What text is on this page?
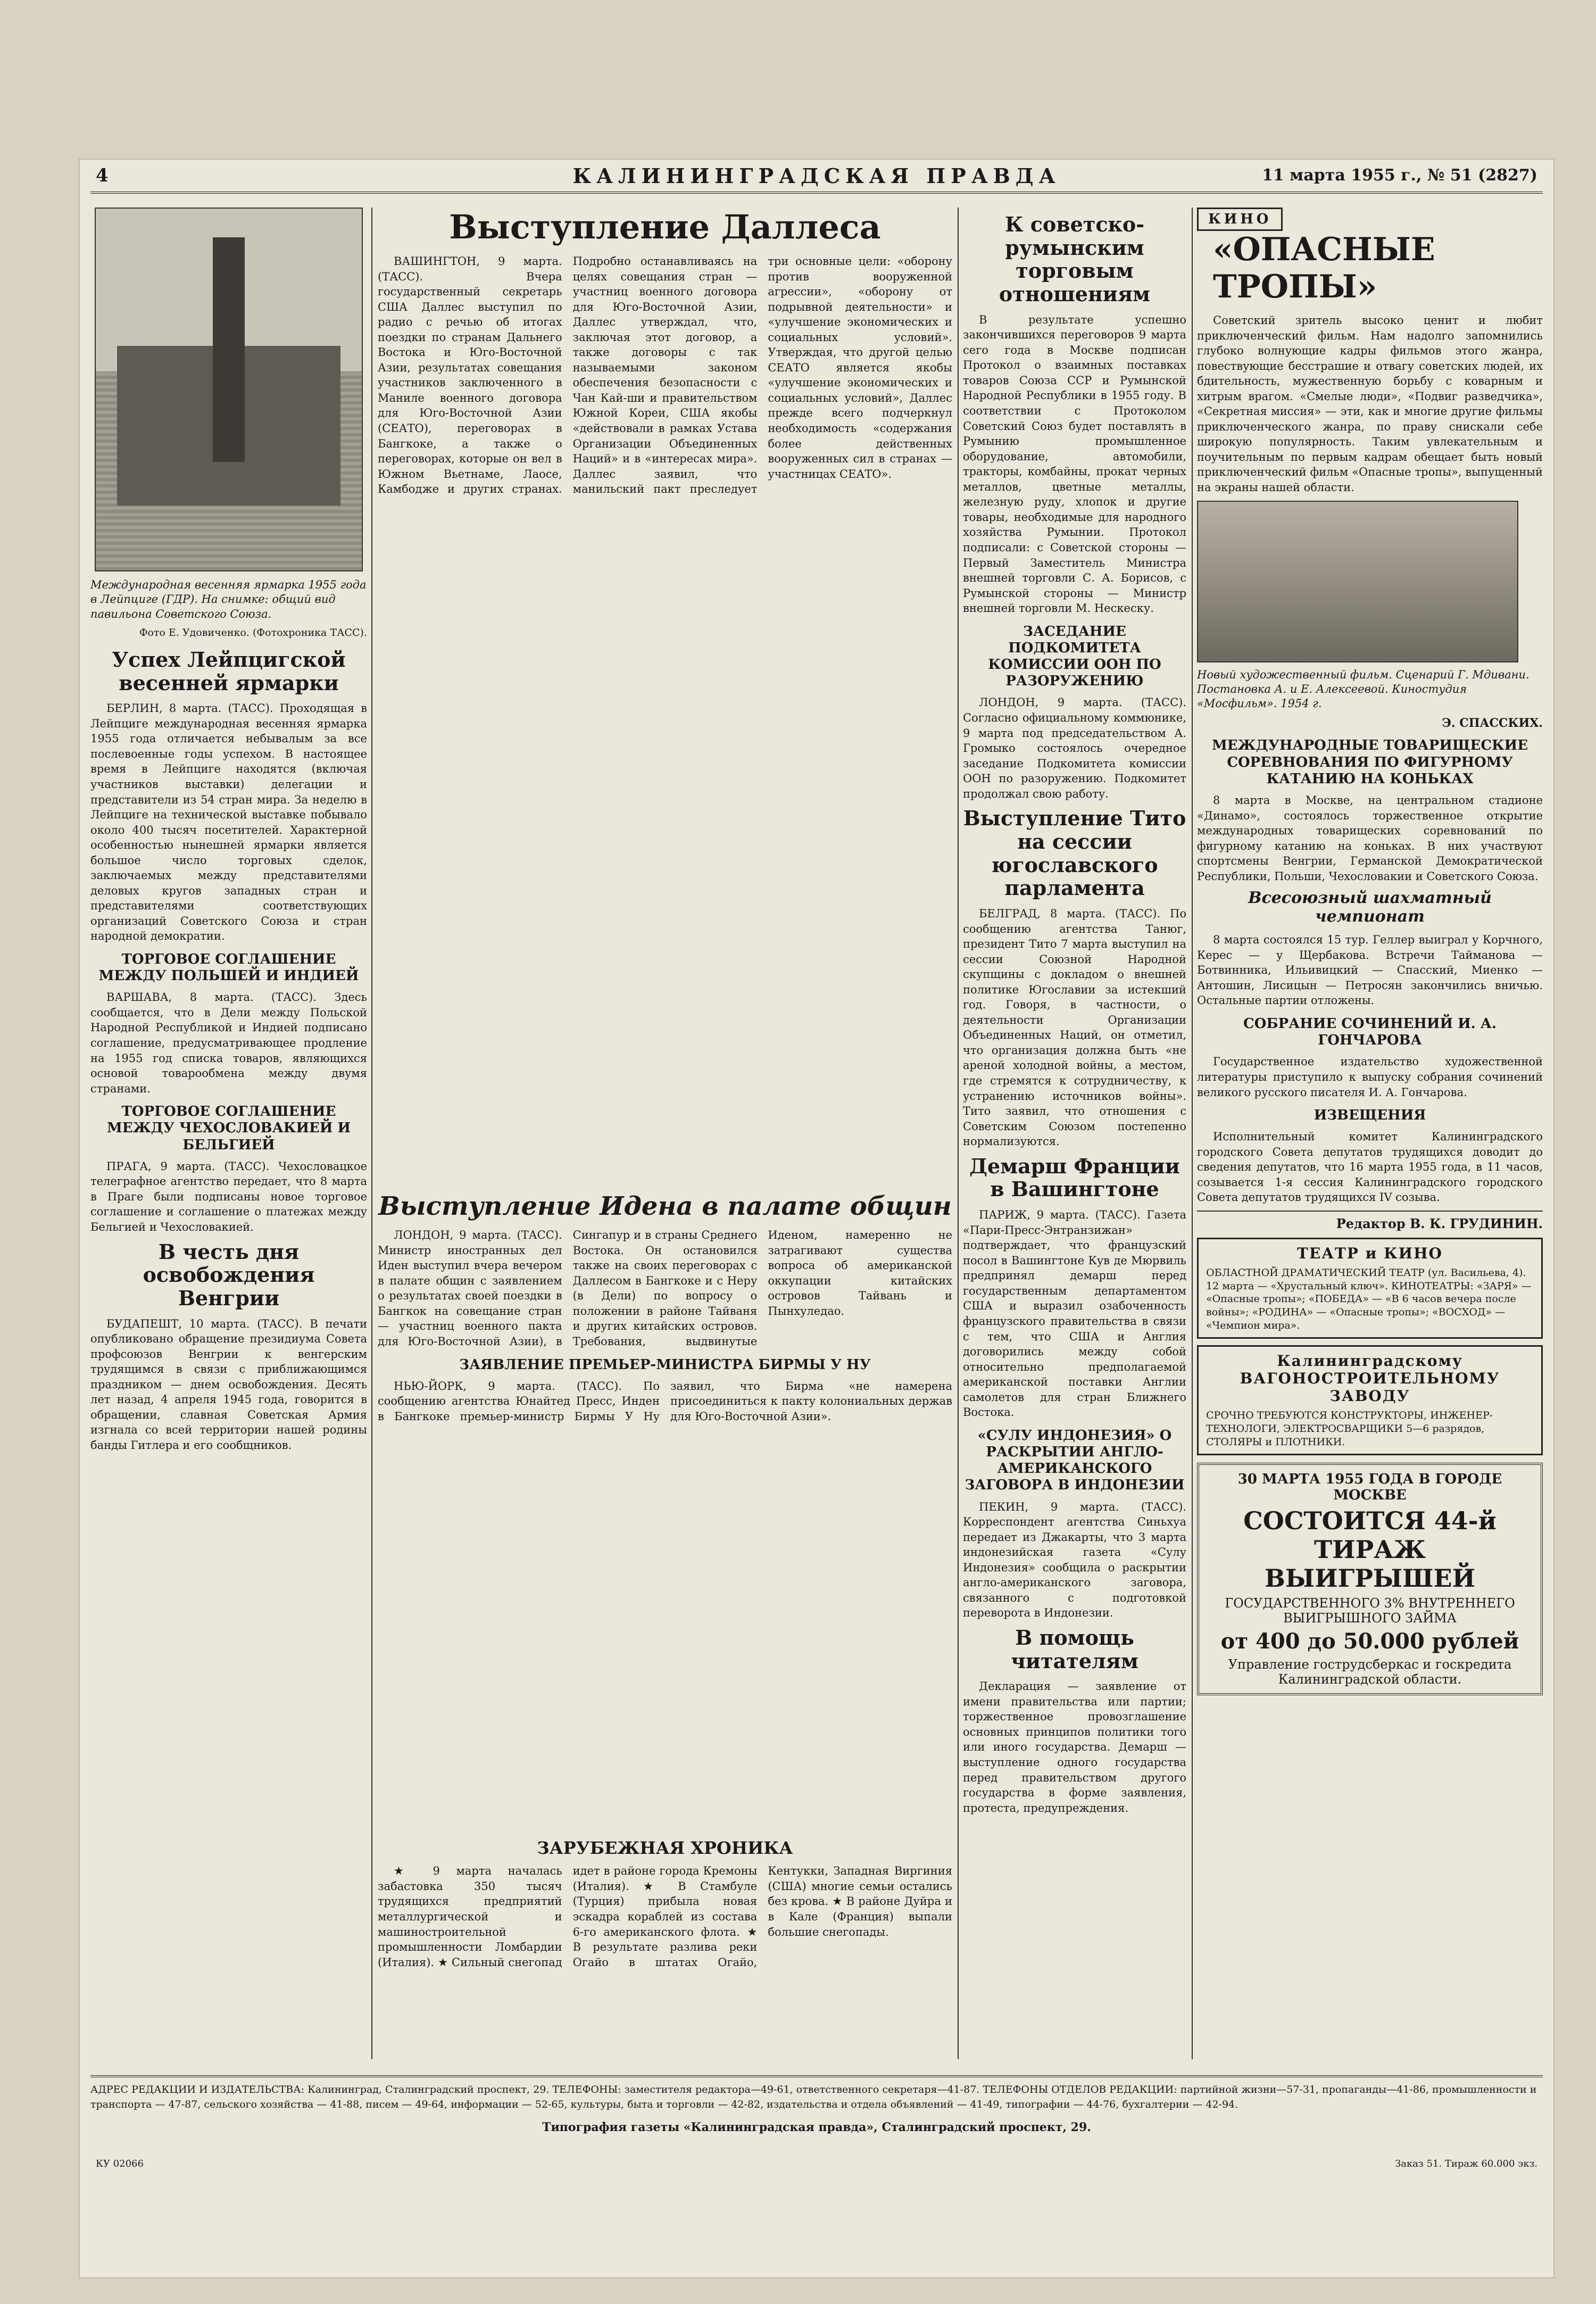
4	КАЛИНИНГРАДСКАЯ ПРАВДА	11 марта 1955 г., № 51 (2827)
Международная весенняя ярмарка 1955 года в Лейпциге (ГДР). На снимке: общий вид павильона Советского Союза.
Фото Е. Удовиченко. (Фотохроника ТАСС).
Успех Лейпцигской весенней ярмарки

БЕРЛИН, 8 марта. (ТАСС). Проходящая в Лейпциге международная весенняя ярмарка 1955 года отличается небывалым за все послевоенные годы успехом. В настоящее время в Лейпциге находятся (включая участников выставки) делегации и представители из 54 стран мира. За неделю в Лейпциге на технической выставке побывало около 400 тысяч посетителей. Характерной особенностью нынешней ярмарки является большое число торговых сделок, заключаемых между представителями деловых кругов западных стран и представителями соответствующих организаций Советского Союза и стран народной демократии.

ТОРГОВОЕ СОГЛАШЕНИЕ МЕЖДУ ПОЛЬШЕЙ И ИНДИЕЙ

ВАРШАВА, 8 марта. (ТАСС). Здесь сообщается, что в Дели между Польской Народной Республикой и Индией подписано соглашение, предусматривающее продление на 1955 год списка товаров, являющихся основой товарообмена между двумя странами.

ТОРГОВОЕ СОГЛАШЕНИЕ МЕЖДУ ЧЕХОСЛОВАКИЕЙ И БЕЛЬГИЕЙ

ПРАГА, 9 марта. (ТАСС). Чехословацкое телеграфное агентство передает, что 8 марта в Праге были подписаны новое торговое соглашение и соглашение о платежах между Бельгией и Чехословакией.

В честь дня освобождения Венгрии

БУДАПЕШТ, 10 марта. (ТАСС). В печати опубликовано обращение президиума Совета профсоюзов Венгрии к венгерским трудящимся в связи с приближающимся праздником — днем освобождения. Десять лет назад, 4 апреля 1945 года, говорится в обращении, славная Советская Армия изгнала со всей территории нашей родины банды Гитлера и его сообщников.

Выступление Даллеса

ВАШИНГТОН, 9 марта. (ТАСС). Вчера государственный секретарь США Даллес выступил по радио с речью об итогах поездки по странам Дальнего Востока и Юго-Восточной Азии, результатах совещания участников заключенного в Маниле военного договора для Юго-Восточной Азии (СЕАТО), переговорах в Бангкоке, а также о переговорах, которые он вел в Южном Вьетнаме, Лаосе, Камбодже и других странах. Подробно останавливаясь на целях совещания стран — участниц военного договора для Юго-Восточной Азии, Даллес утверждал, что, заключая этот договор, а также договоры с так называемыми законом обеспечения безопасности с Чан Кай-ши и правительством Южной Кореи, США якобы «действовали в рамках Устава Организации Объединенных Наций» и в «интересах мира». Даллес заявил, что манильский пакт преследует три основные цели: «оборону против вооруженной агрессии», «оборону от подрывной деятельности» и «улучшение экономических и социальных условий». Утверждая, что другой целью СЕАТО является якобы «улучшение экономических и социальных условий», Даллес прежде всего подчеркнул необходимость «содержания более действенных вооруженных сил в странах — участницах СЕАТО».

Выступление Идена в палате общин

ЛОНДОН, 9 марта. (ТАСС). Министр иностранных дел Иден выступил вчера вечером в палате общин с заявлением о результатах своей поездки в Бангкок на совещание стран — участниц военного пакта для Юго-Восточной Азии), в Сингапур и в страны Среднего Востока. Он остановился также на своих переговорах с Даллесом в Бангкоке и с Неру (в Дели) по вопросу о положении в районе Тайваня и других китайских островов. Требования, выдвинутые Иденом, намеренно не затрагивают существа вопроса об американской оккупации китайских островов Тайвань и Пынхуледао.

ЗАЯВЛЕНИЕ ПРЕМЬЕР-МИНИСТРА БИРМЫ У НУ

НЬЮ-ЙОРК, 9 марта. (ТАСС). По сообщению агентства Юнайтед Пресс, Инден в Бангкоке премьер-министр Бирмы У Ну заявил, что Бирма «не намерена присоединиться к пакту колониальных держав для Юго-Восточной Азии».

ЗАРУБЕЖНАЯ ХРОНИКА

★ 9 марта началась забастовка 350 тысяч трудящихся предприятий металлургической и машиностроительной промышленности Ломбардии (Италия). ★ Сильный снегопад идет в районе города Кремоны (Италия). ★ В Стамбуле (Турция) прибыла новая эскадра кораблей из состава 6-го американского флота. ★ В результате разлива реки Огайо в штатах Огайо, Кентукки, Западная Виргиния (США) многие семьи остались без крова. ★ В районе Дуйра и в Кале (Франция) выпали большие снегопады.

К советско-румынским торговым отношениям

В результате успешно закончившихся переговоров 9 марта сего года в Москве подписан Протокол о взаимных поставках товаров Союза ССР и Румынской Народной Республики в 1955 году. В соответствии с Протоколом Советский Союз будет поставлять в Румынию промышленное оборудование, автомобили, тракторы, комбайны, прокат черных металлов, цветные металлы, железную руду, хлопок и другие товары, необходимые для народного хозяйства Румынии. Протокол подписали: с Советской стороны — Первый Заместитель Министра внешней торговли С. А. Борисов, с Румынской стороны — Министр внешней торговли М. Нескеску.

ЗАСЕДАНИЕ ПОДКОМИТЕТА КОМИССИИ ООН ПО РАЗОРУЖЕНИЮ

ЛОНДОН, 9 марта. (ТАСС). Согласно официальному коммюнике, 9 марта под председательством А. Громыко состоялось очередное заседание Подкомитета комиссии ООН по разоружению. Подкомитет продолжал свою работу.

Выступление Тито на сессии югославского парламента

БЕЛГРАД, 8 марта. (ТАСС). По сообщению агентства Танюг, президент Тито 7 марта выступил на сессии Союзной Народной скупщины с докладом о внешней политике Югославии за истекший год. Говоря, в частности, о деятельности Организации Объединенных Наций, он отметил, что организация должна быть «не ареной холодной войны, а местом, где стремятся к сотрудничеству, к устранению источников войны». Тито заявил, что отношения с Советским Союзом постепенно нормализуются.

Демарш Франции в Вашингтоне

ПАРИЖ, 9 марта. (ТАСС). Газета «Пари-Пресс-Энтранзижан» подтверждает, что французский посол в Вашингтоне Кув де Мюрвиль предпринял демарш перед государственным департаментом США и выразил озабоченность французского правительства в связи с тем, что США и Англия договорились между собой относительно предполагаемой американской поставки Англии самолетов для стран Ближнего Востока.

«СУЛУ ИНДОНЕЗИЯ» О РАСКРЫТИИ АНГЛО-АМЕРИКАНСКОГО ЗАГОВОРА В ИНДОНЕЗИИ

ПЕКИН, 9 марта. (ТАСС). Корреспондент агентства Синьхуа передает из Джакарты, что 3 марта индонезийская газета «Сулу Индонезия» сообщила о раскрытии англо-американского заговора, связанного с подготовкой переворота в Индонезии.

В помощь читателям

Декларация — заявление от имени правительства или партии; торжественное провозглашение основных принципов политики того или иного государства. Демарш — выступление одного государства перед правительством другого государства в форме заявления, протеста, предупреждения.

КИНО «ОПАСНЫЕ ТРОПЫ»

Советский зритель высоко ценит и любит приключенческий фильм. Нам надолго запомнились глубоко волнующие кадры фильмов этого жанра, повествующие бесстрашие и отвагу советских людей, их бдительность, мужественную борьбу с коварным и хитрым врагом. «Смелые люди», «Подвиг разведчика», «Секретная миссия» — эти, как и многие другие фильмы приключенческого жанра, по праву снискали себе широкую популярность. Таким увлекательным и поучительным по первым кадрам обещает быть новый приключенческий фильм «Опасные тропы», выпущенный на экраны нашей области.

Новый художественный фильм. Сценарий Г. Мдивани. Постановка А. и Е. Алексеевой. Киностудия «Мосфильм». 1954 г.
Э. СПАССКИХ.
МЕЖДУНАРОДНЫЕ ТОВАРИЩЕСКИЕ СОРЕВНОВАНИЯ ПО ФИГУРНОМУ КАТАНИЮ НА КОНЬКАХ

8 марта в Москве, на центральном стадионе «Динамо», состоялось торжественное открытие международных товарищеских соревнований по фигурному катанию на коньках. В них участвуют спортсмены Венгрии, Германской Демократической Республики, Польши, Чехословакии и Советского Союза.

Всесоюзный шахматный чемпионат

8 марта состоялся 15 тур. Геллер выиграл у Корчного, Керес — у Щербакова. Встречи Тайманова — Ботвинника, Ильивицкий — Спасский, Миенко — Антошин, Лисицын — Петросян закончились вничью. Остальные партии отложены.

СОБРАНИЕ СОЧИНЕНИЙ И. А. ГОНЧАРОВА

Государственное издательство художественной литературы приступило к выпуску собрания сочинений великого русского писателя И. А. Гончарова.

ИЗВЕЩЕНИЯ

Исполнительный комитет Калининградского городского Совета депутатов трудящихся доводит до сведения депутатов, что 16 марта 1955 года, в 11 часов, созывается 1-я сессия Калининградского городского Совета депутатов трудящихся IV созыва.

Редактор В. К. ГРУДИНИН.
ТЕАТР и КИНО
ОБЛАСТНОЙ ДРАМАТИЧЕСКИЙ ТЕАТР (ул. Васильева, 4). 12 марта — «Хрустальный ключ». КИНОТЕАТРЫ: «ЗАРЯ» — «Опасные тропы»; «ПОБЕДА» — «В 6 часов вечера после войны»; «РОДИНА» — «Опасные тропы»; «ВОСХОД» — «Чемпион мира».
Калининградскому ВАГОНОСТРОИТЕЛЬНОМУ ЗАВОДУ
СРОЧНО ТРЕБУЮТСЯ КОНСТРУКТОРЫ, ИНЖЕНЕР-ТЕХНОЛОГИ, ЭЛЕКТРОСВАРЩИКИ 5—6 разрядов, СТОЛЯРЫ и ПЛОТНИКИ.
30 МАРТА 1955 ГОДА В ГОРОДЕ МОСКВЕ
СОСТОИТСЯ 44-й ТИРАЖ ВЫИГРЫШЕЙ
ГОСУДАРСТВЕННОГО 3% ВНУТРЕННЕГО ВЫИГРЫШНОГО ЗАЙМА
от 400 до 50.000 рублей
Управление гострудсберкас и госкредита Калининградской области.
АДРЕС РЕДАКЦИИ И ИЗДАТЕЛЬСТВА: Калининград, Сталинградский проспект, 29. ТЕЛЕФОНЫ: заместителя редактора—49-61, ответственного секретаря—41-87. ТЕЛЕФОНЫ ОТДЕЛОВ РЕДАКЦИИ: партийной жизни—57-31, пропаганды—41-86, промышленности и транспорта — 47-87, сельского хозяйства — 41-88, писем — 49-64, информации — 52-65, культуры, быта и торговли — 42-82, издательства и отдела объявлений — 41-49, типографии — 44-76, бухгалтерии — 42-94.
Типография газеты «Калининградская правда», Сталинградский проспект, 29.
КУ 02066	Заказ 51. Тираж 60.000 экз.
